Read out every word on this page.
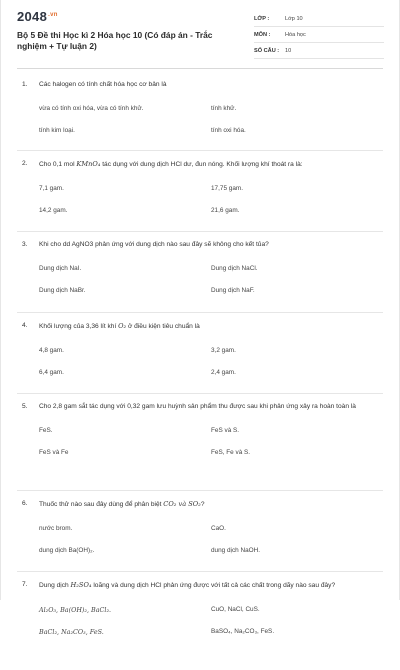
$2048^{.vn}$
Bộ 5 Đề thi Học kì 2 Hóa học 10 (Có đáp án - Trắc nghiệm + Tự luận 2)
LỚP :	Lớp 10
MÔN :	Hóa học
SỐ CÂU : 10
1. Các halogen có tính chất hóa học cơ bản là
vừa có tính oxi hóa, vừa có tính khử.	tính khử.
tính kim loại.	tính oxi hóa.
2. Cho 0,1 mol KMnO₄ tác dụng với dung dịch HCl dư, đun nóng. Khối lượng khí thoát ra là:
7,1 gam.	17,75 gam.
14,2 gam.	21,6 gam.
3. Khi cho dd AgNO3 phản ứng với dung dịch nào sau đây sẽ không cho kết tủa?
Dung dịch NaI.	Dung dịch NaCl.
Dung dịch NaBr.	Dung dịch NaF.
4. Khối lượng của 3,36 lít khí O₂ ở điều kiện tiêu chuẩn là
4,8 gam.	3,2 gam.
6,4 gam.	2,4 gam.
5. Cho 2,8 gam sắt tác dụng với 0,32 gam lưu huỳnh sản phẩm thu được sau khi phản ứng xảy ra hoàn toàn là
FeS.	FeS và S.
FeS và Fe	FeS, Fe và S.
6. Thuốc thử nào sau đây dùng để phân biệt CO₂ và SO₂?
nước brom.	CaO.
dung dịch Ba(OH)₂.	dung dịch NaOH.
7. Dung dịch H₂SO₄ loãng và dung dịch HCl phản ứng được với tất cả các chất trong dãy nào sau đây?
Al₂O₃, Ba(OH)₂, BaCl₂.	CuO, NaCl, CuS.
BaCl₂, Na₂CO₃, FeS.	BaSO₄, Na₂CO₃, FeS.
